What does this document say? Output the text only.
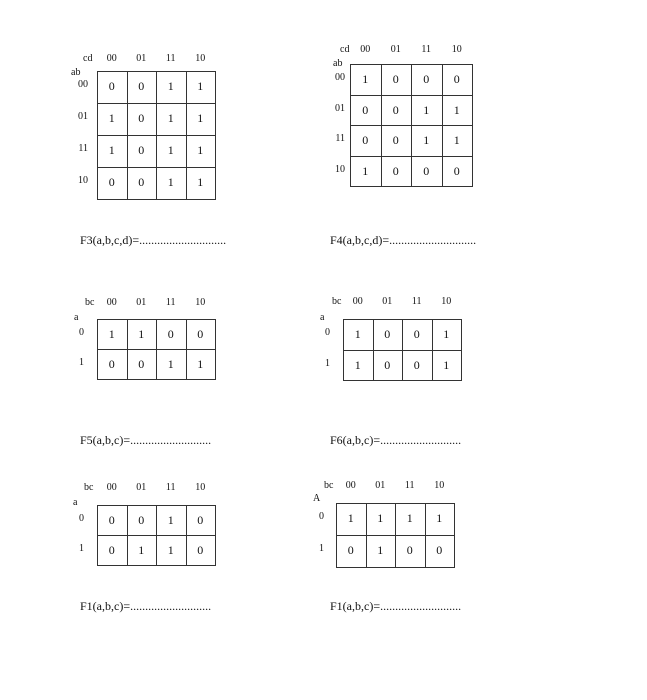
cd
ab
00	01	11	10
00
01
11
10
0	0	1	1
1	0	1	1
1	0	1	1
0	0	1	1
cd
ab
00	01	11	10
00
01
11
10
1	0	0	0
0	0	1	1
0	0	1	1
1	0	0	0
bc
a
00	01	11	10
0
1
1	1	0	0
0	0	1	1
bc
a
00	01	11	10
0
1
1	0	0	1
1	0	0	1
bc
a
00	01	11	10
0
1
0	0	1	0
0	1	1	0
bc
A
00	01	11	10
0
1
1	1	1	1
0	1	0	0
F3(a,b,c,d)=.............................	F4(a,b,c,d)=.............................
F5(a,b,c)=...........................	F6(a,b,c)=...........................
F1(a,b,c)=...........................	F1(a,b,c)=...........................
